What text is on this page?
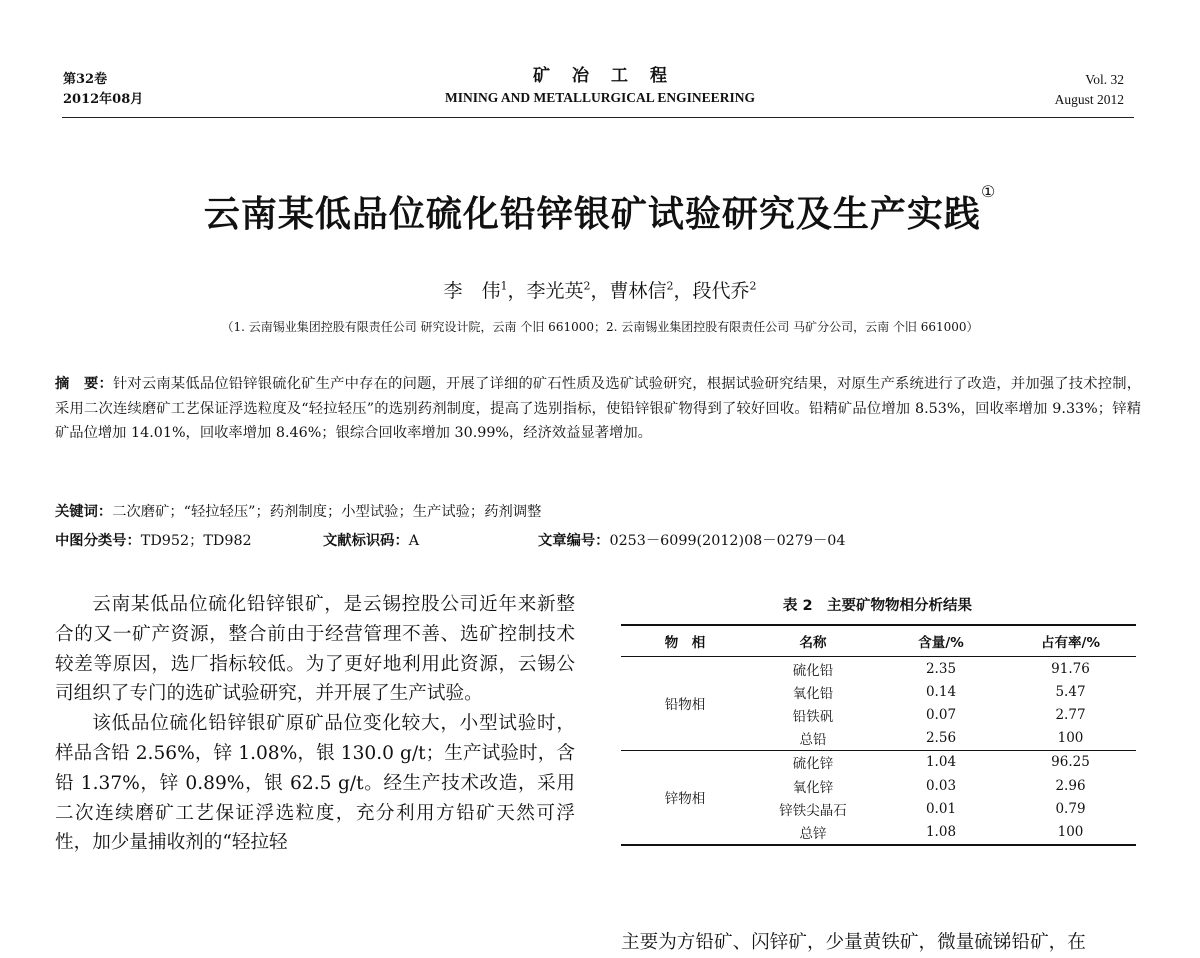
第32卷
2012年08月
矿冶工程
MINING AND METALLURGICAL ENGINEERING
Vol. 32
August 2012
云南某低品位硫化铅锌银矿试验研究及生产实践①
李　伟$^1$，李光英$^2$，曹林信$^2$，段代乔$^2$
（1. 云南锡业集团控股有限责任公司 研究设计院，云南 个旧 661000；2. 云南锡业集团控股有限责任公司 马矿分公司，云南 个旧 661000）
摘　要：针对云南某低品位铅锌银硫化矿生产中存在的问题，开展了详细的矿石性质及选矿试验研究，根据试验研究结果，对原生产系统进行了改造，并加强了技术控制，采用二次连续磨矿工艺保证浮选粒度及“轻拉轻压”的选别药剂制度，提高了选别指标，使铅锌银矿物得到了较好回收。铅精矿品位增加 8.53%，回收率增加 9.33%；锌精矿品位增加 14.01%，回收率增加 8.46%；银综合回收率增加 30.99%，经济效益显著增加。
关键词：二次磨矿；“轻拉轻压”；药剂制度；小型试验；生产试验；药剂调整
中图分类号：TD952；TD982	文献标识码：A	文章编号：0253－6099(2012)08－0279－04

云南某低品位硫化铅锌银矿，是云锡控股公司近年来新整合的又一矿产资源，整合前由于经营管理不善、选矿控制技术较差等原因，选厂指标较低。为了更好地利用此资源，云锡公司组织了专门的选矿试验研究，并开展了生产试验。

该低品位硫化铅锌银矿原矿品位变化较大，小型试验时，样品含铅 2.56%，锌 1.08%，银 130.0 g/t；生产试验时，含铅 1.37%，锌 0.89%，银 62.5 g/t。经生产技术改造，采用二次连续磨矿工艺保证浮选粒度，充分利用方铅矿天然可浮性，加少量捕收剂的“轻拉轻

表 2　主要矿物物相分析结果
物　相	名称	含量/%	占有率/%
铅物相	硫化铅	2.35	91.76
	氧化铅	0.14	5.47
	铅铁矾	0.07	2.77
	总铅	2.56	100
锌物相	硫化锌	1.04	96.25
	氧化锌	0.03	2.96
	锌铁尖晶石	0.01	0.79
	总锌	1.08	100
主要为方铅矿、闪锌矿，少量黄铁矿，微量硫锑铅矿，在
